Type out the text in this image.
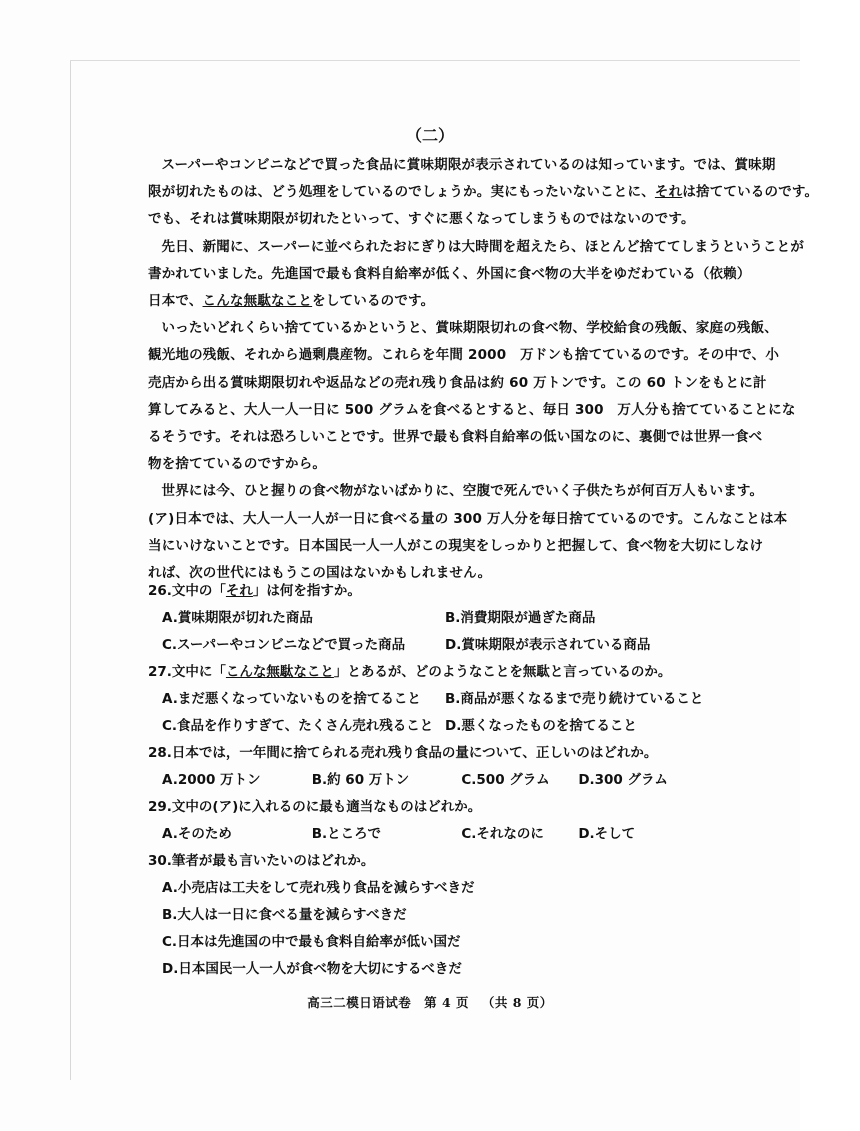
（二）
スーパーやコンビニなどで買った食品に賞味期限が表示されているのは知っています。では、賞味期
限が切れたものは、どう処理をしているのでしょうか。実にもったいないことに、それは捨てているのです。
でも、それは賞味期限が切れたといって、すぐに悪くなってしまうものではないのです。
先日、新聞に、スーパーに並べられたおにぎりは大時間を超えたら、ほとんど捨ててしまうということが
書かれていました。先進国で最も食料自給率が低く、外国に食べ物の大半をゆだわている（依赖）
日本で、こんな無駄なことをしているのです。
いったいどれくらい捨てているかというと、賞味期限切れの食べ物、学校給食の残飯、家庭の残飯、
観光地の残飯、それから過剰農産物。これらを年間 2000　万ドンも捨てているのです。その中で、小
売店から出る賞味期限切れや返品などの売れ残り食品は約 60 万トンです。この 60 トンをもとに計
算してみると、大人一人一日に 500 グラムを食べるとすると、毎日 300　万人分も捨てていることにな
るそうです。それは恐ろしいことです。世界で最も食料自給率の低い国なのに、裏側では世界一食べ
物を捨てているのですから。
世界には今、ひと握りの食べ物がないばかりに、空腹で死んでいく子供たちが何百万人もいます。
(ア)日本では、大人一人一人が一日に食べる量の 300 万人分を毎日捨てているのです。こんなことは本
当にいけないことです。日本国民一人一人がこの現実をしっかりと把握して、食べ物を大切にしなけ
れば、次の世代にはもうこの国はないかもしれません。
26.文中の「それ」は何を指すか。
A.賞味期限が切れた商品	B.消費期限が過ぎた商品
C.スーパーやコンビニなどで買った商品	D.賞味期限が表示されている商品
27.文中に「こんな無駄なこと」とあるが、どのようなことを無駄と言っているのか。
A.まだ悪くなっていないものを捨てること	B.商品が悪くなるまで売り続けていること
C.食品を作りすぎて、たくさん売れ残ること D.悪くなったものを捨てること
28.日本では，一年間に捨てられる売れ残り食品の量について、正しいのはどれか。
A.2000 万トン	B.約 60 万トン	C.500 グラム	D.300 グラム
29.文中の(ア)に入れるのに最も適当なものはどれか。
A.そのため	B.ところで	C.それなのに	D.そして
30.筆者が最も言いたいのはどれか。
A.小売店は工夫をして売れ残り食品を減らすべきだ
B.大人は一日に食べる量を減らすべきだ
C.日本は先進国の中で最も食料自給率が低い国だ
D.日本国民一人一人が食べ物を大切にするべきだ
高三二模日语试卷 第 4 页 （共 8 页）
